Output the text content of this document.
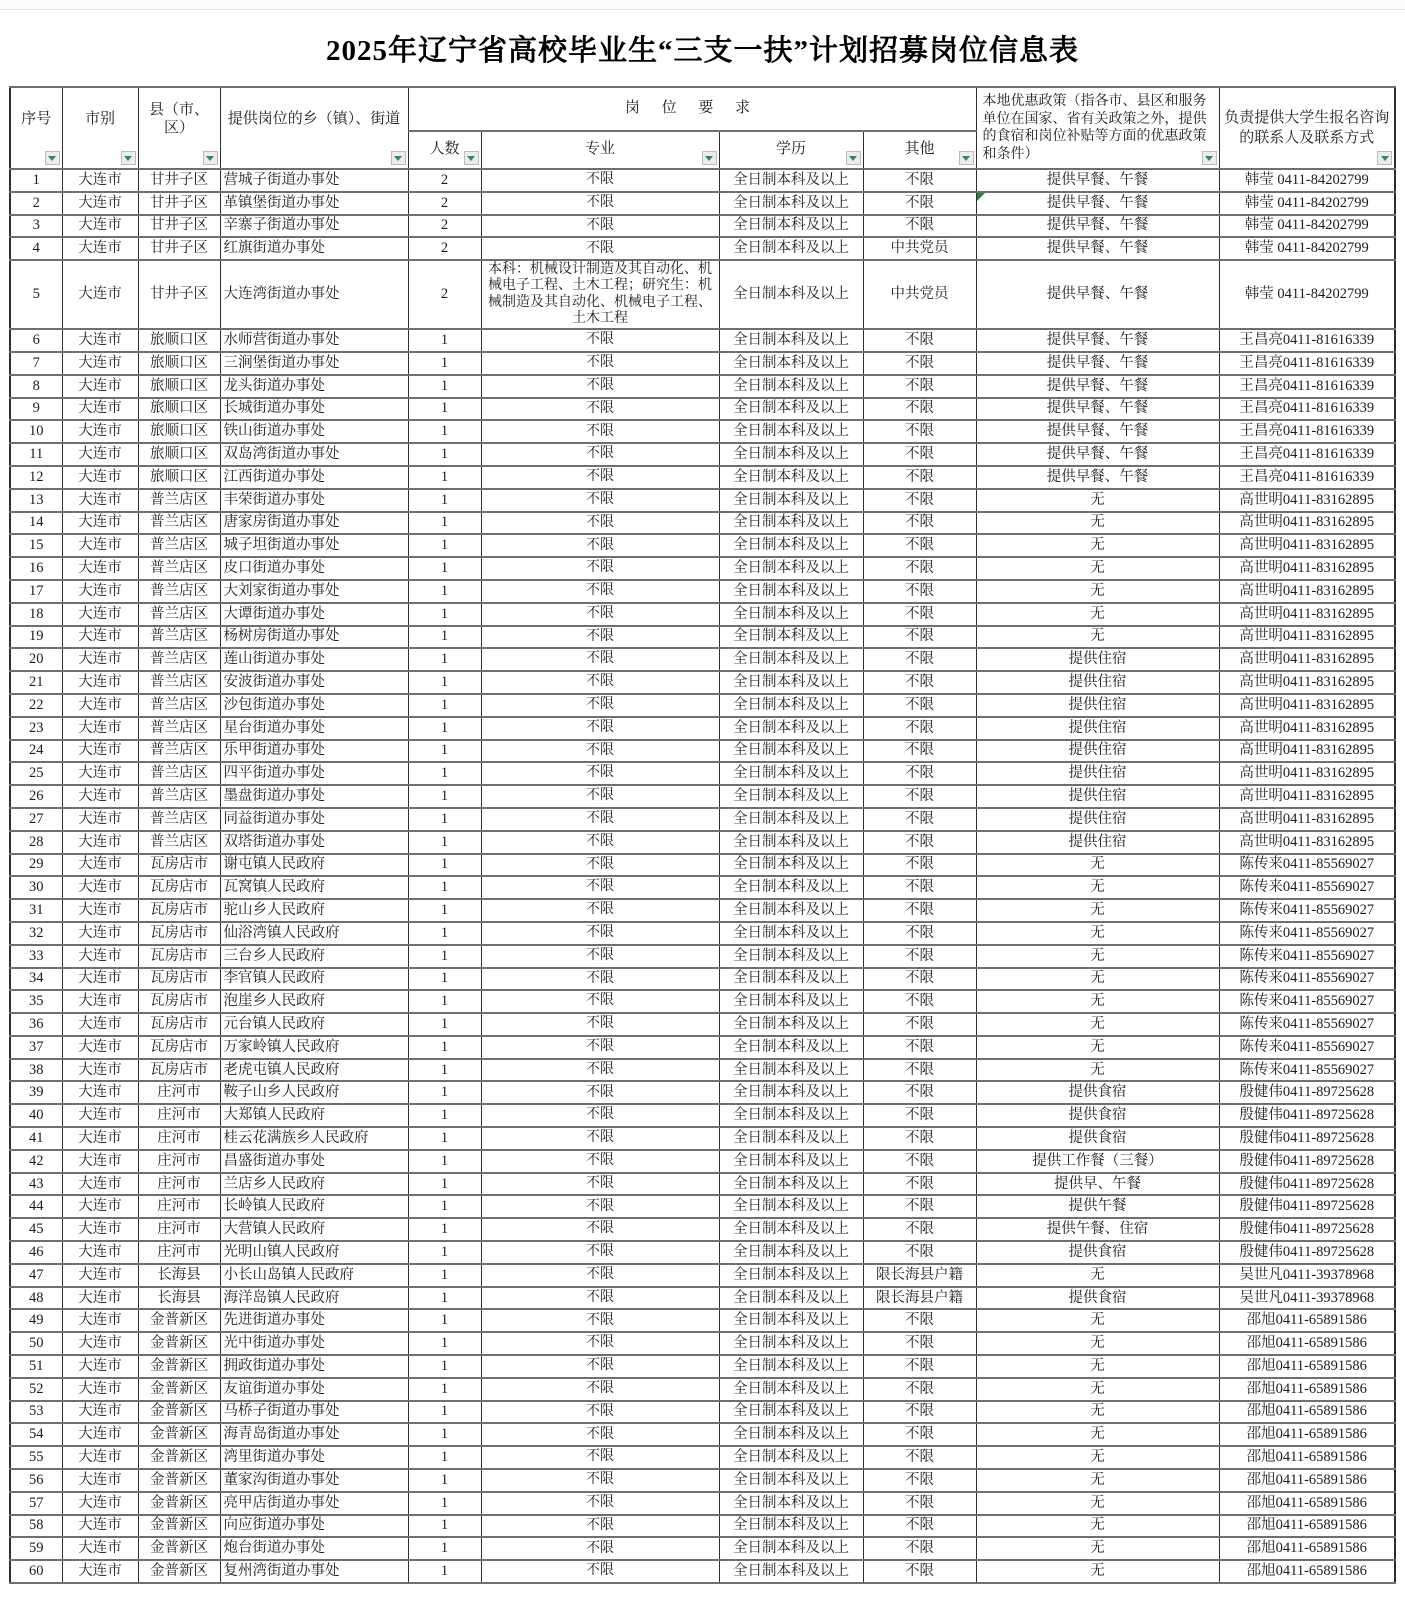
2025年辽宁省高校毕业生“三支一扶”计划招募岗位信息表
序号	市别	县（市、区）	提供岗位的乡（镇）、街道	岗 位 要 求				本地优惠政策（指各市、县区和服务单位在国家、省有关政策之外，提供的食宿和岗位补贴等方面的优惠政策和条件）	负责提供大学生报名咨询的联系人及联系方式

				人数	专业	学历	其他		

1	大连市	甘井子区	营城子街道办事处	2	不限	全日制本科及以上	不限	提供早餐、午餐	韩莹 0411-84202799
2	大连市	甘井子区	革镇堡街道办事处	2	不限	全日制本科及以上	不限	提供早餐、午餐	韩莹 0411-84202799
3	大连市	甘井子区	辛寨子街道办事处	2	不限	全日制本科及以上	不限	提供早餐、午餐	韩莹 0411-84202799
4	大连市	甘井子区	红旗街道办事处	2	不限	全日制本科及以上	中共党员	提供早餐、午餐	韩莹 0411-84202799
5	大连市	甘井子区	大连湾街道办事处	2	本科：机械设计制造及其自动化、机械电子工程、土木工程；研究生：机械制造及其自动化、机械电子工程、土木工程	全日制本科及以上	中共党员	提供早餐、午餐	韩莹 0411-84202799
6	大连市	旅顺口区	水师营街道办事处	1	不限	全日制本科及以上	不限	提供早餐、午餐	王昌亮0411-81616339
7	大连市	旅顺口区	三涧堡街道办事处	1	不限	全日制本科及以上	不限	提供早餐、午餐	王昌亮0411-81616339
8	大连市	旅顺口区	龙头街道办事处	1	不限	全日制本科及以上	不限	提供早餐、午餐	王昌亮0411-81616339
9	大连市	旅顺口区	长城街道办事处	1	不限	全日制本科及以上	不限	提供早餐、午餐	王昌亮0411-81616339
10	大连市	旅顺口区	铁山街道办事处	1	不限	全日制本科及以上	不限	提供早餐、午餐	王昌亮0411-81616339
11	大连市	旅顺口区	双岛湾街道办事处	1	不限	全日制本科及以上	不限	提供早餐、午餐	王昌亮0411-81616339
12	大连市	旅顺口区	江西街道办事处	1	不限	全日制本科及以上	不限	提供早餐、午餐	王昌亮0411-81616339
13	大连市	普兰店区	丰荣街道办事处	1	不限	全日制本科及以上	不限	无	高世明0411-83162895
14	大连市	普兰店区	唐家房街道办事处	1	不限	全日制本科及以上	不限	无	高世明0411-83162895
15	大连市	普兰店区	城子坦街道办事处	1	不限	全日制本科及以上	不限	无	高世明0411-83162895
16	大连市	普兰店区	皮口街道办事处	1	不限	全日制本科及以上	不限	无	高世明0411-83162895
17	大连市	普兰店区	大刘家街道办事处	1	不限	全日制本科及以上	不限	无	高世明0411-83162895
18	大连市	普兰店区	大谭街道办事处	1	不限	全日制本科及以上	不限	无	高世明0411-83162895
19	大连市	普兰店区	杨树房街道办事处	1	不限	全日制本科及以上	不限	无	高世明0411-83162895
20	大连市	普兰店区	莲山街道办事处	1	不限	全日制本科及以上	不限	提供住宿	高世明0411-83162895
21	大连市	普兰店区	安波街道办事处	1	不限	全日制本科及以上	不限	提供住宿	高世明0411-83162895
22	大连市	普兰店区	沙包街道办事处	1	不限	全日制本科及以上	不限	提供住宿	高世明0411-83162895
23	大连市	普兰店区	星台街道办事处	1	不限	全日制本科及以上	不限	提供住宿	高世明0411-83162895
24	大连市	普兰店区	乐甲街道办事处	1	不限	全日制本科及以上	不限	提供住宿	高世明0411-83162895
25	大连市	普兰店区	四平街道办事处	1	不限	全日制本科及以上	不限	提供住宿	高世明0411-83162895
26	大连市	普兰店区	墨盘街道办事处	1	不限	全日制本科及以上	不限	提供住宿	高世明0411-83162895
27	大连市	普兰店区	同益街道办事处	1	不限	全日制本科及以上	不限	提供住宿	高世明0411-83162895
28	大连市	普兰店区	双塔街道办事处	1	不限	全日制本科及以上	不限	提供住宿	高世明0411-83162895
29	大连市	瓦房店市	谢屯镇人民政府	1	不限	全日制本科及以上	不限	无	陈传来0411-85569027
30	大连市	瓦房店市	瓦窝镇人民政府	1	不限	全日制本科及以上	不限	无	陈传来0411-85569027
31	大连市	瓦房店市	驼山乡人民政府	1	不限	全日制本科及以上	不限	无	陈传来0411-85569027
32	大连市	瓦房店市	仙浴湾镇人民政府	1	不限	全日制本科及以上	不限	无	陈传来0411-85569027
33	大连市	瓦房店市	三台乡人民政府	1	不限	全日制本科及以上	不限	无	陈传来0411-85569027
34	大连市	瓦房店市	李官镇人民政府	1	不限	全日制本科及以上	不限	无	陈传来0411-85569027
35	大连市	瓦房店市	泡崖乡人民政府	1	不限	全日制本科及以上	不限	无	陈传来0411-85569027
36	大连市	瓦房店市	元台镇人民政府	1	不限	全日制本科及以上	不限	无	陈传来0411-85569027
37	大连市	瓦房店市	万家岭镇人民政府	1	不限	全日制本科及以上	不限	无	陈传来0411-85569027
38	大连市	瓦房店市	老虎屯镇人民政府	1	不限	全日制本科及以上	不限	无	陈传来0411-85569027
39	大连市	庄河市	鞍子山乡人民政府	1	不限	全日制本科及以上	不限	提供食宿	殷健伟0411-89725628
40	大连市	庄河市	大郑镇人民政府	1	不限	全日制本科及以上	不限	提供食宿	殷健伟0411-89725628
41	大连市	庄河市	桂云花满族乡人民政府	1	不限	全日制本科及以上	不限	提供食宿	殷健伟0411-89725628
42	大连市	庄河市	昌盛街道办事处	1	不限	全日制本科及以上	不限	提供工作餐（三餐）	殷健伟0411-89725628
43	大连市	庄河市	兰店乡人民政府	1	不限	全日制本科及以上	不限	提供早、午餐	殷健伟0411-89725628
44	大连市	庄河市	长岭镇人民政府	1	不限	全日制本科及以上	不限	提供午餐	殷健伟0411-89725628
45	大连市	庄河市	大营镇人民政府	1	不限	全日制本科及以上	不限	提供午餐、住宿	殷健伟0411-89725628
46	大连市	庄河市	光明山镇人民政府	1	不限	全日制本科及以上	不限	提供食宿	殷健伟0411-89725628
47	大连市	长海县	小长山岛镇人民政府	1	不限	全日制本科及以上	限长海县户籍	无	吴世凡0411-39378968
48	大连市	长海县	海洋岛镇人民政府	1	不限	全日制本科及以上	限长海县户籍	提供食宿	吴世凡0411-39378968
49	大连市	金普新区	先进街道办事处	1	不限	全日制本科及以上	不限	无	邵旭0411-65891586
50	大连市	金普新区	光中街道办事处	1	不限	全日制本科及以上	不限	无	邵旭0411-65891586
51	大连市	金普新区	拥政街道办事处	1	不限	全日制本科及以上	不限	无	邵旭0411-65891586
52	大连市	金普新区	友谊街道办事处	1	不限	全日制本科及以上	不限	无	邵旭0411-65891586
53	大连市	金普新区	马桥子街道办事处	1	不限	全日制本科及以上	不限	无	邵旭0411-65891586
54	大连市	金普新区	海青岛街道办事处	1	不限	全日制本科及以上	不限	无	邵旭0411-65891586
55	大连市	金普新区	湾里街道办事处	1	不限	全日制本科及以上	不限	无	邵旭0411-65891586
56	大连市	金普新区	董家沟街道办事处	1	不限	全日制本科及以上	不限	无	邵旭0411-65891586
57	大连市	金普新区	亮甲店街道办事处	1	不限	全日制本科及以上	不限	无	邵旭0411-65891586
58	大连市	金普新区	向应街道办事处	1	不限	全日制本科及以上	不限	无	邵旭0411-65891586
59	大连市	金普新区	炮台街道办事处	1	不限	全日制本科及以上	不限	无	邵旭0411-65891586
60	大连市	金普新区	复州湾街道办事处	1	不限	全日制本科及以上	不限	无	邵旭0411-65891586
